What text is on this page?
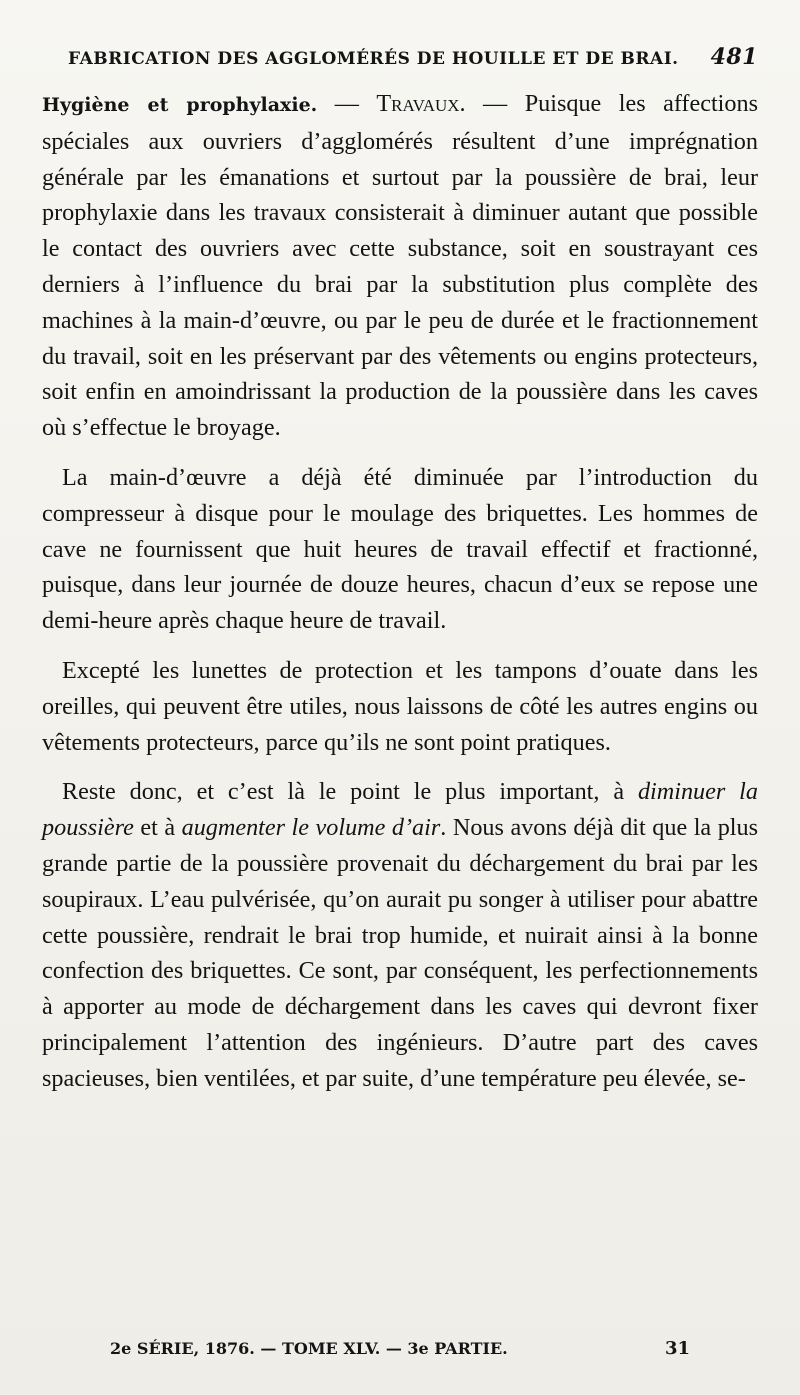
FABRICATION DES AGGLOMÉRÉS DE HOUILLE ET DE BRAI. 481

Hygiène et prophylaxie. — Travaux. — Puisque les affections spéciales aux ouvriers d’agglomérés résultent d’une imprégnation générale par les émanations et surtout par la poussière de brai, leur prophylaxie dans les travaux consisterait à diminuer autant que possible le contact des ouvriers avec cette substance, soit en soustrayant ces derniers à l’influence du brai par la substitution plus complète des machines à la main-d’œuvre, ou par le peu de durée et le fractionnement du travail, soit en les préservant par des vêtements ou engins protecteurs, soit enfin en amoindrissant la production de la poussière dans les caves où s’effectue le broyage.

La main-d’œuvre a déjà été diminuée par l’introduction du compresseur à disque pour le moulage des briquettes. Les hommes de cave ne fournissent que huit heures de travail effectif et fractionné, puisque, dans leur journée de douze heures, chacun d’eux se repose une demi-heure après chaque heure de travail.

Excepté les lunettes de protection et les tampons d’ouate dans les oreilles, qui peuvent être utiles, nous laissons de côté les autres engins ou vêtements protecteurs, parce qu’ils ne sont point pratiques.

Reste donc, et c’est là le point le plus important, à diminuer la poussière et à augmenter le volume d’air. Nous avons déjà dit que la plus grande partie de la poussière provenait du déchargement du brai par les soupiraux. L’eau pulvérisée, qu’on aurait pu songer à utiliser pour abattre cette poussière, rendrait le brai trop humide, et nuirait ainsi à la bonne confection des briquettes. Ce sont, par conséquent, les perfectionnements à apporter au mode de déchargement dans les caves qui devront fixer principalement l’attention des ingénieurs. D’autre part des caves spacieuses, bien ventilées, et par suite, d’une température peu élevée, se-

2e SÉRIE, 1876. — TOME XLV. — 3e PARTIE.	31
